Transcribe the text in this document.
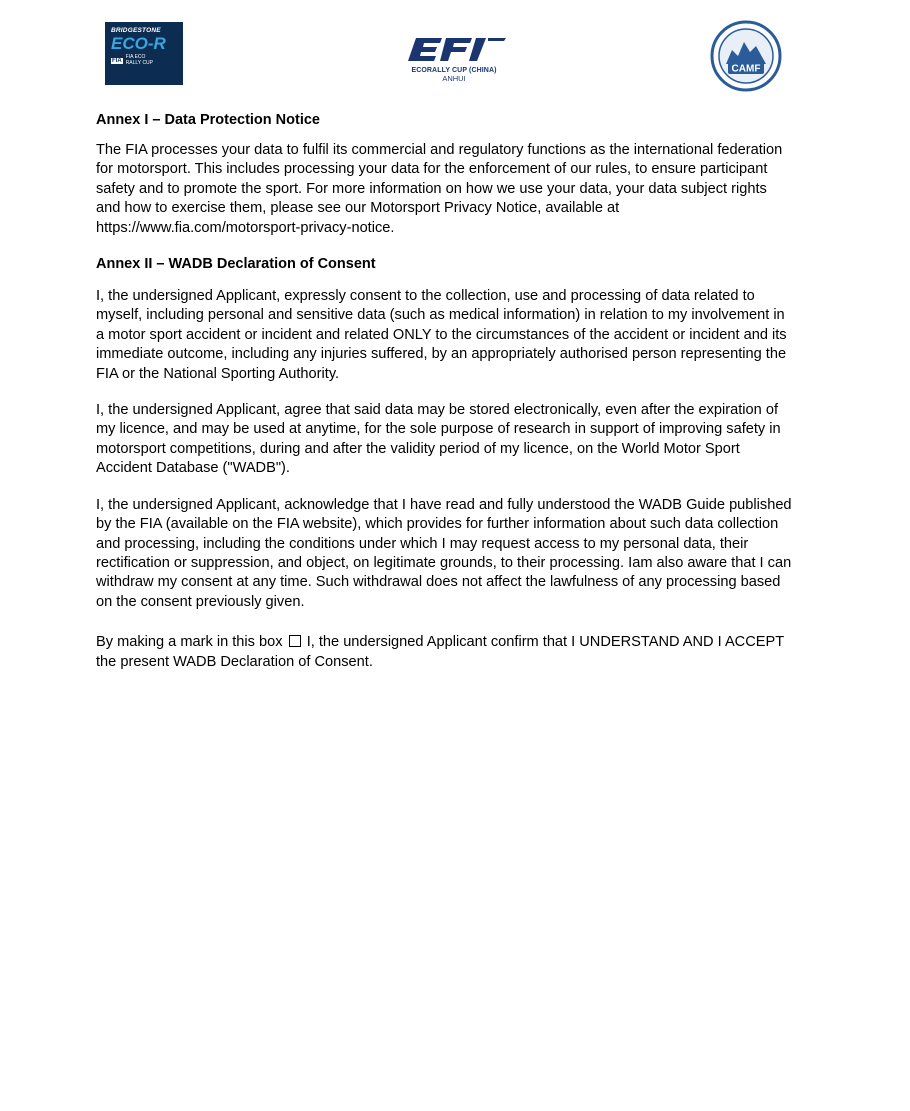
BRIDGESTONE
ECO-R
FIA
FIA ECO
RALLY CUP
ECORALLY CUP (CHINA)
ANHUI
CAMF
Annex I – Data Protection Notice

The FIA processes your data to fulfil its commercial and regulatory functions as the international federation for motorsport. This includes processing your data for the enforcement of our rules, to ensure participant safety and to promote the sport. For more information on how we use your data, your data subject rights and how to exercise them, please see our Motorsport Privacy Notice, available at https://www.fia.com/motorsport-privacy-notice.

Annex II – WADB Declaration of Consent

I, the undersigned Applicant, expressly consent to the collection, use and processing of data related to myself, including personal and sensitive data (such as medical information) in relation to my involvement in a motor sport accident or incident and related ONLY to the circumstances of the accident or incident and its immediate outcome, including any injuries suffered, by an appropriately authorised person representing the FIA or the National Sporting Authority.

I, the undersigned Applicant, agree that said data may be stored electronically, even after the expiration of my licence, and may be used at anytime, for the sole purpose of research in support of improving safety in motorsport competitions, during and after the validity period of my licence, on the World Motor Sport Accident Database ("WADB").

I, the undersigned Applicant, acknowledge that I have read and fully understood the WADB Guide published by the FIA (available on the FIA website), which provides for further information about such data collection and processing, including the conditions under which I may request access to my personal data, their rectification or suppression, and object, on legitimate grounds, to their processing. Iam also aware that I can withdraw my consent at any time. Such withdrawal does not affect the lawfulness of any processing based on the consent previously given.

By making a mark in this box I, the undersigned Applicant confirm that I UNDERSTAND AND I ACCEPT the present WADB Declaration of Consent.
